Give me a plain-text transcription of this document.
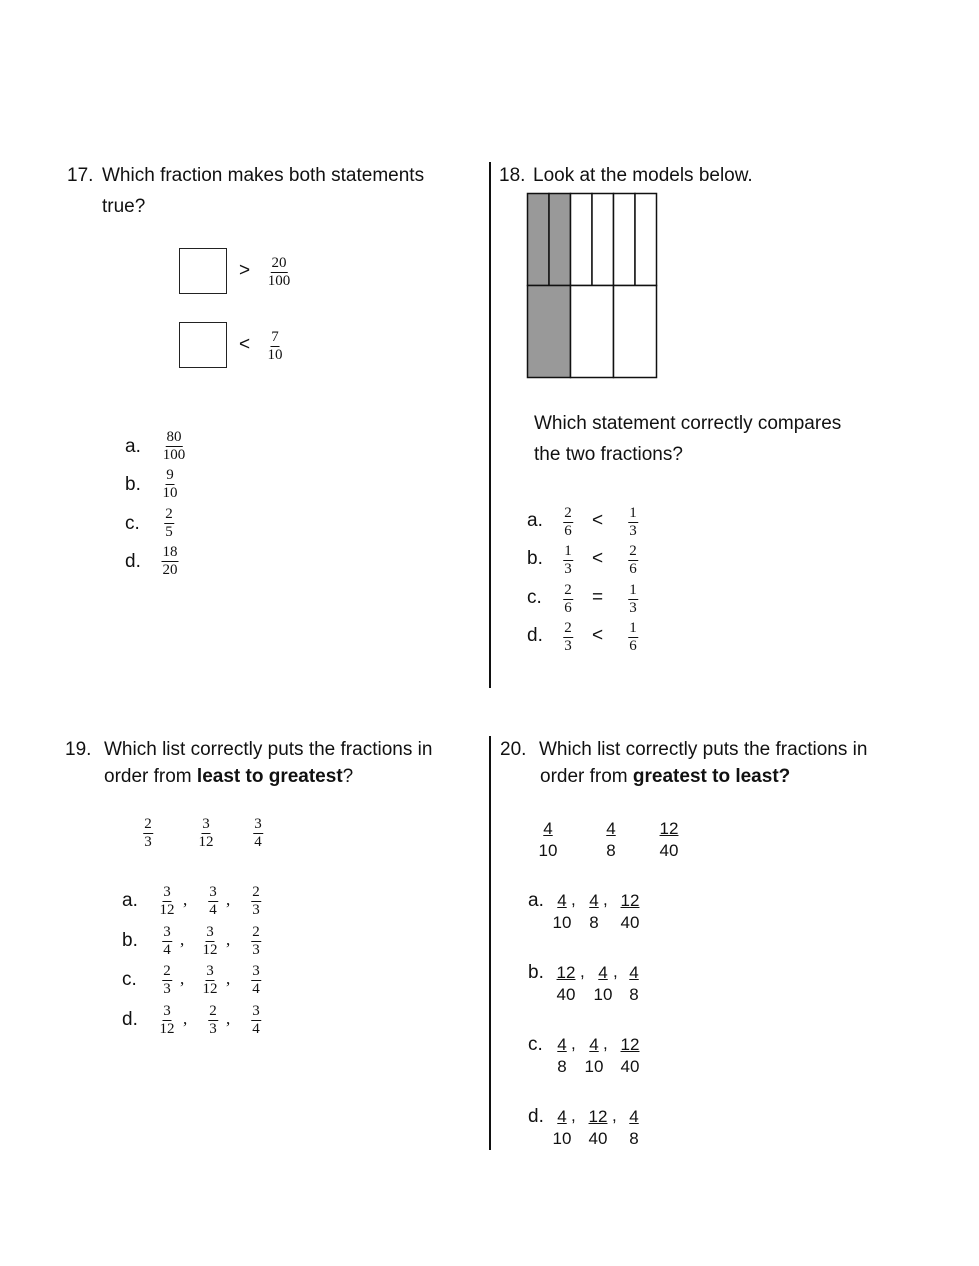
17. Which fraction makes both statements
true?
> $\frac{20}{100}$
< $\frac{7}{10}$
a. $\frac{80}{100}$
b. $\frac{9}{10}$
c. $\frac{2}{5}$
d. $\frac{18}{20}$
18. Look at the models below.
Which statement correctly compares
the two fractions?
a. $\frac{2}{6} < \frac{1}{3}$
b. $\frac{1}{3} < \frac{2}{6}$
c. $\frac{2}{6} = \frac{1}{3}$
d. $\frac{2}{3} < \frac{1}{6}$
19. Which list correctly puts the fractions in
order from least to greatest?
$\frac{2}{3}$	$\frac{3}{12}$	$\frac{3}{4}$
a. $\frac{3}{12}$ , $\frac{3}{4}$ , $\frac{2}{3}$
b. $\frac{3}{4}$ , $\frac{3}{12}$ , $\frac{2}{3}$
c. $\frac{2}{3}$ , $\frac{3}{12}$ , $\frac{3}{4}$
d. $\frac{3}{12}$ , $\frac{2}{3}$ , $\frac{3}{4}$
20. Which list correctly puts the fractions in
order from greatest to least?
$\frac{4}{10}$	$\frac{4}{8}$	$\frac{12}{40}$
a. $\frac{4}{10}$ , $\frac{4}{8}$ , $\frac{12}{40}$
b. $\frac{12}{40}$ , $\frac{4}{10}$ , $\frac{4}{8}$
c. $\frac{4}{8}$ , $\frac{4}{10}$ , $\frac{12}{40}$
d. $\frac{4}{10}$ , $\frac{12}{40}$ , $\frac{4}{8}$
